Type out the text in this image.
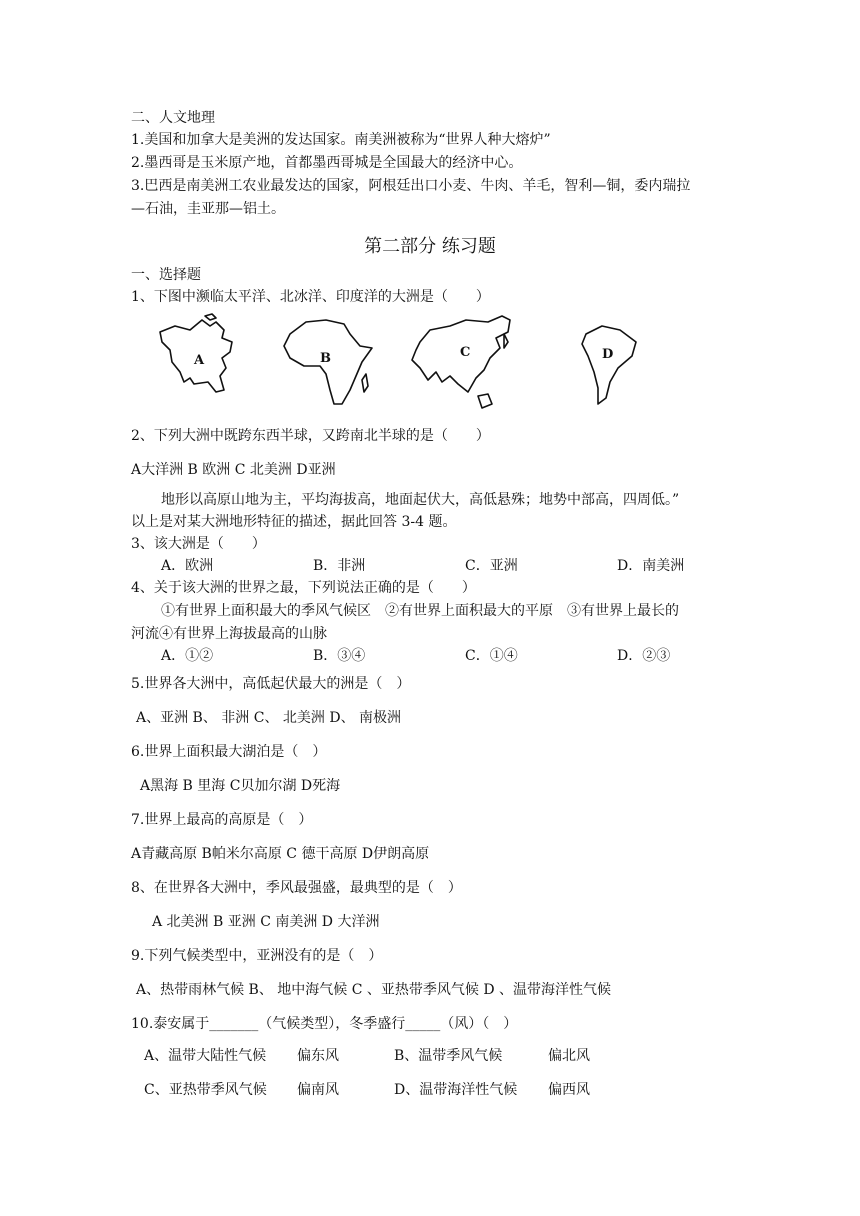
二、人文地理
1.美国和加拿大是美洲的发达国家。南美洲被称为“世界人种大熔炉”
2.墨西哥是玉米原产地，首都墨西哥城是全国最大的经济中心。
3.巴西是南美洲工农业最发达的国家，阿根廷出口小麦、牛肉、羊毛，智利—铜，委内瑞拉
—石油，圭亚那—铝土。
第二部分 练习题
一、选择题
1、下图中濒临太平洋、北冰洋、印度洋的大洲是（　　）
A	B	C	D
2、下列大洲中既跨东西半球，又跨南北半球的是（　　）
A大洋洲 B 欧洲 C 北美洲 D亚洲
地形以高原山地为主，平均海拔高，地面起伏大，高低悬殊；地势中部高，四周低。”
以上是对某大洲地形特征的描述，据此回答 3-4 题。
3、该大洲是（　　）
A．欧洲	B．非洲	C．亚洲	D．南美洲
4、关于该大洲的世界之最，下列说法正确的是（　　）
①有世界上面积最大的季风气候区　②有世界上面积最大的平原　③有世界上最长的
河流④有世界上海拔最高的山脉
A．①②	B．③④	C．①④	D．②③
5.世界各大洲中，高低起伏最大的洲是（　）
A、亚洲 B、 非洲 C、 北美洲 D、 南极洲
6.世界上面积最大湖泊是（　）
A黑海 B 里海 C贝加尔湖 D死海
7.世界上最高的高原是（　）
A青藏高原 B帕米尔高原 C 德干高原 D伊朗高原
8、在世界各大洲中，季风最强盛，最典型的是（　）
A 北美洲 B 亚洲 C 南美洲 D 大洋洲
9.下列气候类型中，亚洲没有的是（　）
A、热带雨林气候 B、 地中海气候 C 、亚热带季风气候 D 、温带海洋性气候
10.泰安属于_______（气候类型），冬季盛行_____（风）（　）
A、温带大陆性气候 偏东风	B、温带季风气候	偏北风
C、亚热带季风气候 偏南风	D、温带海洋性气候 偏西风
